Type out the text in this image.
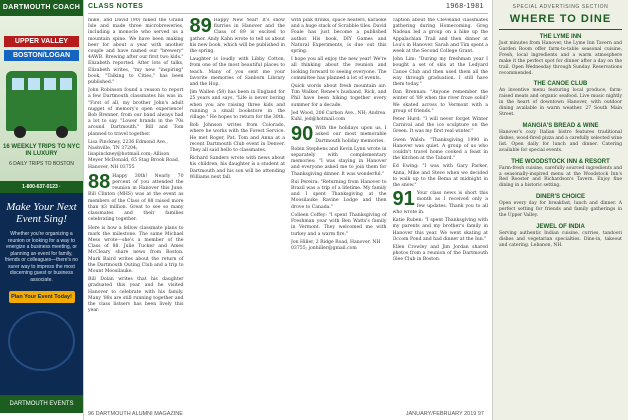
DARTMOUTH COACH
UPPER VALLEY
BOSTON/LOGAN
16 WEEKLY TRIPS TO NYC IN LUXURY
6 DAILY TRIPS TO BOSTON
1-800-637-0123 ·
Make Your Next Event Sing!
Whether you're organizing a reunion or looking for a way to energize a business meeting, or planning an event for family, friends or colleagues—there's no surer way to impress the most discerning guest or business associate.
Plan Your Event Today!
DARTMOUTH EVENTS
CLASS NOTES	1968-1981

mike, and David (90) hiked the Grand Isle and made three microbreweries, including a monocle who served us a mountain spine. We have been making beer for about a year with another couple and have named our "brewery" 4AWB. Brewing after our first two kids." Elizabeth reported. After lots of talks, Elizabeth writes, "my new "inspiring" book, "Talking to Cities," has been published."

John Robinson found a reason to report a few Dartmouth classmates his was in. "First of all, my brother John's adult nugget of memory's open experience! Bob Brenner, from our band always had a lot to say. "Lower brands in the 70s around Dartmouth." Bill and Tom planned to travel together.

Lisa Pinckney, 2236 Edmond Ave., Nashville, TN 37204; lisapinckney@hotmail.com; Allison Meyer McDonald, 65 Stag Brook Road, Hanover, NH 03755

88 Happy 30th! Nearly 70 percent of you attended the reunion in Hanover this June. Bill Clinton (MHS) was at the event as members of the Class of 88 raised more than $3 million. Great to see so many classmates and their families celebrating together.

Here is how a fellow classmate plans to mark the milestone. The same Michael Mess wrote—she's a member of the Class of 88. Julie Tucker and Ames McCleary share news from Boston. Mark Baird writes about the return of the Dartmouth Outing Club and a trip to Mount Moosilauke.

Bill Dolan writes that his daughter graduated this year and he visited Hanover to celebrate with his family. Many '88s are still running together and the class listserv has been lively this year.

89 Happy New Year! It's snow flurries in Hanover and the Class of 89 is excited to gather. Andy Kahn wrote to tell us about his new book, which will be published in the spring.

Laughter is loudly with Libby Cotton, from one of the most beautiful places to teach. Many of you sent me your favorite memories of Sanborn Library and the Hop.

Jim Wallen (58) has been in England for 25 years and says, "Life is never boring when you are raising three kids and running a small bookstore in the village." He hopes to return for the 30th.

Bob Johnson writes from Colorado, where he works with the Forest Service. He met Roger, Pat, Tom and Anna at a recent Dartmouth Club event in Denver. They all said hello to classmates.

Richard Sanders wrote with news about his children, his daughter is a student at Dartmouth and his son will be attending Williams next fall.

with pink drinks, space heaters, karaoke and a huge stack of Scrabble tiles. David Foale has just become a published author. His book, DIY Games and Natural Experiments, is due out this spring.

I hope you all enjoy the new year! We're all thinking about the reunion and looking forward to seeing everyone. The committee has planned a lot of events.

Quick words about fresh mountain air: Tim Walker, Renee's husband, Rick, and Phil have been hiking together every summer for a decade.

Jed Wood, 206 Carbon Ave., NH; Andrea Kuhl, jed@hotmail.com

90 With the holidays upon us, I asked our most memorable Dartmouth holiday memories.

Robin Stephens and Kevin Lynn wrote in separately with complementary memories: "I was staying in Hanover and everyone asked me to join them for Thanksgiving dinner. It was wonderful."

Rui Pereira: "Returning from Hanover to Brazil was a trip of a lifetime. My family and I spent Thanksgiving at the Moosilauke Ravine Lodge and then drove to Canada."

Colleen Coffey: "I spent Thanksgiving of Freshman year with Ben Watts's family in Vermont. They welcomed me with turkey and a warm fire."

Jon Hiller, 2 Ridge Road, Hanover, NH 03755; jonhiller@gmail.com

caption about the Cleveland classmates gathering during Homecoming. Greg Nadeau led a group on a hike up the Appalachian Trail and then dinner at Lou's in Hanover. Sarah and Tim spent a week at the Second College Grant.

John Lim: "During my freshman year I bought a set of skis at the Ledyard Canoe Club and then used them all the way through graduation. I still have them today."

Dan Brennan: "Anyone remember the winter of '89 when the river froze solid? We skated across to Vermont with a group of friends."

Peter Hurd: "I will never forget Winter Carnival and the ice sculpture on the Green. It was my first real winter."

Gwen Walsh: "Thanksgiving 1990 in Hanover was quiet. A group of us who couldn't travel home cooked a feast in the kitchen at the Tabard."

Ed Ewing: "I was with Gary Parker, Anna, Mike and Steve when we decided to walk up to the Bema at midnight in the snow."

91 Your class news is short this month as I received only a few updates. Thank you to all who wrote in.

Katie Ruben: "I spent Thanksgiving with my parents and my brother's family in Hanover this year. We went skating at Occom Pond and had dinner at the Inn."

Ellen Crowley and Jim Jordan shared photos from a reunion of the Dartmouth Glee Club in Boston.

96 DARTMOUTH ALUMNI MAGAZINE	JANUARY/FEBRUARY 2019 97
SPECIAL ADVERTISING SECTION
WHERE TO DINE
THE LYME INN
Just minutes from Hanover, the Lyme Inn Tavern and Garden Room offer farm-to-table seasonal cuisine. Fresh, local ingredients and a warm atmosphere make it the perfect spot for dinner after a day on the trail. Open Wednesday through Sunday. Reservations recommended.
THE CANOE CLUB
An inventive menu featuring local produce, farm-raised meats and organic seafood. Live music nightly in the heart of downtown Hanover, with outdoor dining available in warm weather. 27 South Main Street.
MANGIA'S BREAD & WINE
Hanover's cozy Italian bistro features traditional dishes, wood-fired pizza and a carefully selected wine list. Open daily for lunch and dinner. Catering available for special events.
THE WOODSTOCK INN & RESORT
Farm-fresh cuisine, carefully sourced ingredients and a seasonally-inspired menu at the Woodstock Inn's Red Rooster and Richardson's Tavern. Enjoy fine dining in a historic setting.
DINER'S CHOICE
Open every day for breakfast, lunch and dinner. A perfect setting for friends and family gatherings in the Upper Valley.
JEWEL OF INDIA
Serving authentic Indian cuisine, curries, tandoori dishes and vegetarian specialties. Dine-in, takeout and catering. Lebanon, NH.
